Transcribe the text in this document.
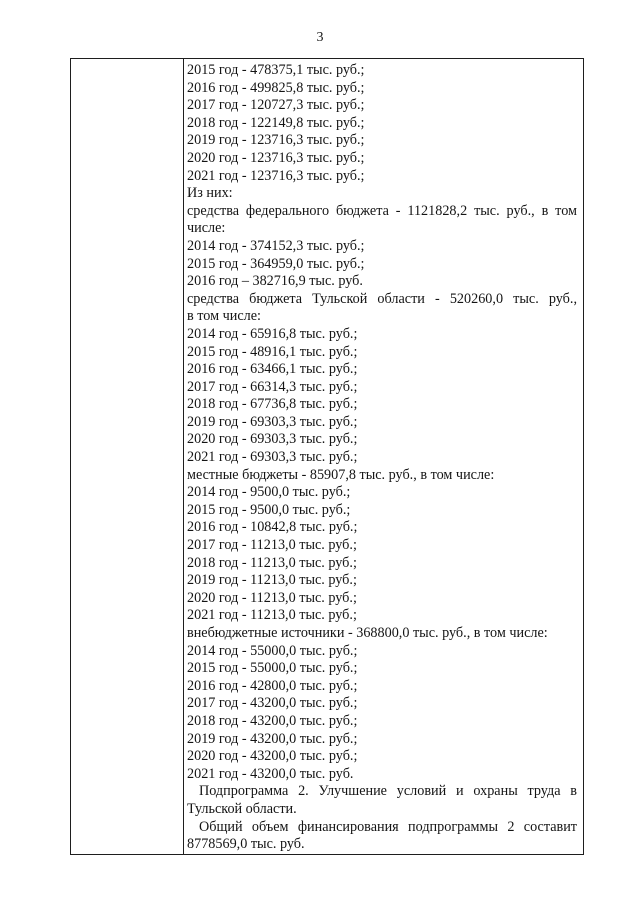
3
2015 год - 478375,1 тыс. руб.;
2016 год - 499825,8 тыс. руб.;
2017 год - 120727,3 тыс. руб.;
2018 год - 122149,8 тыс. руб.;
2019 год - 123716,3 тыс. руб.;
2020 год - 123716,3 тыс. руб.;
2021 год - 123716,3 тыс. руб.;
Из них:
средства федерального бюджета - 1121828,2 тыс. руб., в том
числе:
2014 год - 374152,3 тыс. руб.;
2015 год - 364959,0 тыс. руб.;
2016 год – 382716,9 тыс. руб.
средства бюджета Тульской области - 520260,0 тыс. руб.,
в том числе:
2014 год - 65916,8 тыс. руб.;
2015 год - 48916,1 тыс. руб.;
2016 год - 63466,1 тыс. руб.;
2017 год - 66314,3 тыс. руб.;
2018 год - 67736,8 тыс. руб.;
2019 год - 69303,3 тыс. руб.;
2020 год - 69303,3 тыс. руб.;
2021 год - 69303,3 тыс. руб.;
местные бюджеты - 85907,8 тыс. руб., в том числе:
2014 год - 9500,0 тыс. руб.;
2015 год - 9500,0 тыс. руб.;
2016 год - 10842,8 тыс. руб.;
2017 год - 11213,0 тыс. руб.;
2018 год - 11213,0 тыс. руб.;
2019 год - 11213,0 тыс. руб.;
2020 год - 11213,0 тыс. руб.;
2021 год - 11213,0 тыс. руб.;
внебюджетные источники - 368800,0 тыс. руб., в том числе:
2014 год - 55000,0 тыс. руб.;
2015 год - 55000,0 тыс. руб.;
2016 год - 42800,0 тыс. руб.;
2017 год - 43200,0 тыс. руб.;
2018 год - 43200,0 тыс. руб.;
2019 год - 43200,0 тыс. руб.;
2020 год - 43200,0 тыс. руб.;
2021 год - 43200,0 тыс. руб.
Подпрограмма 2. Улучшение условий и охраны труда в
Тульской области.
Общий объем финансирования подпрограммы 2 составит
8778569,0 тыс. руб.
